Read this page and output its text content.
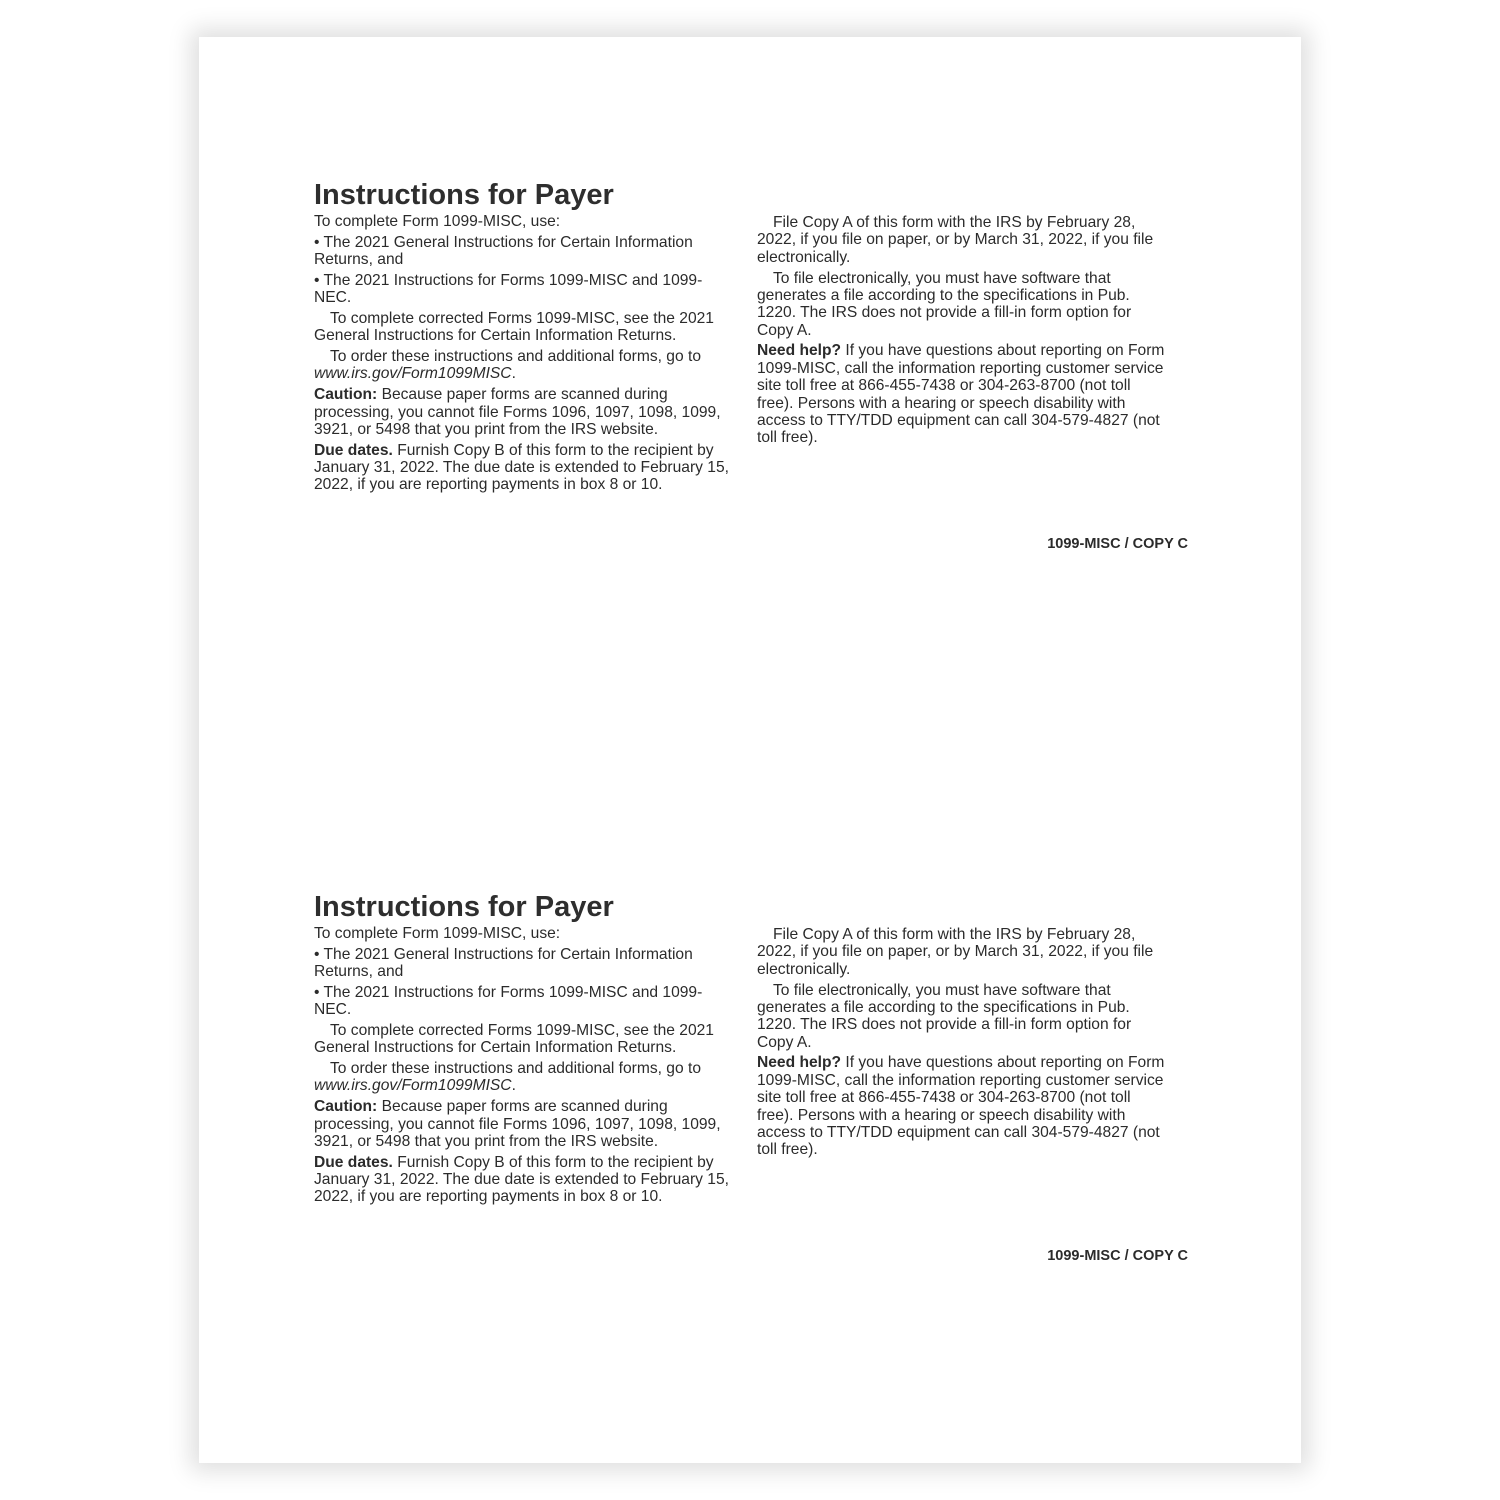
Instructions for Payer

To complete Form 1099-MISC, use:

• The 2021 General Instructions for Certain Information Returns, and

• The 2021 Instructions for Forms 1099-MISC and 1099-NEC.

To complete corrected Forms 1099-MISC, see the 2021 General Instructions for Certain Information Returns.

To order these instructions and additional forms, go to www.irs.gov/Form1099MISC.

Caution: Because paper forms are scanned during processing, you cannot file Forms 1096, 1097, 1098, 1099, 3921, or 5498 that you print from the IRS website.

Due dates. Furnish Copy B of this form to the recipient by January 31, 2022. The due date is extended to February 15, 2022, if you are reporting payments in box 8 or 10.

File Copy A of this form with the IRS by February 28, 2022, if you file on paper, or by March 31, 2022, if you file electronically.

To file electronically, you must have software that generates a file according to the specifications in Pub. 1220. The IRS does not provide a fill-in form option for Copy A.

Need help? If you have questions about reporting on Form 1099-MISC, call the information reporting customer service site toll free at 866-455-7438 or 304-263-8700 (not toll free). Persons with a hearing or speech disability with access to TTY/TDD equipment can call 304-579-4827 (not toll free).

1099-MISC / COPY C
Instructions for Payer

To complete Form 1099-MISC, use:

• The 2021 General Instructions for Certain Information Returns, and

• The 2021 Instructions for Forms 1099-MISC and 1099-NEC.

To complete corrected Forms 1099-MISC, see the 2021 General Instructions for Certain Information Returns.

To order these instructions and additional forms, go to www.irs.gov/Form1099MISC.

Caution: Because paper forms are scanned during processing, you cannot file Forms 1096, 1097, 1098, 1099, 3921, or 5498 that you print from the IRS website.

Due dates. Furnish Copy B of this form to the recipient by January 31, 2022. The due date is extended to February 15, 2022, if you are reporting payments in box 8 or 10.

File Copy A of this form with the IRS by February 28, 2022, if you file on paper, or by March 31, 2022, if you file electronically.

To file electronically, you must have software that generates a file according to the specifications in Pub. 1220. The IRS does not provide a fill-in form option for Copy A.

Need help? If you have questions about reporting on Form 1099-MISC, call the information reporting customer service site toll free at 866-455-7438 or 304-263-8700 (not toll free). Persons with a hearing or speech disability with access to TTY/TDD equipment can call 304-579-4827 (not toll free).

1099-MISC / COPY C
